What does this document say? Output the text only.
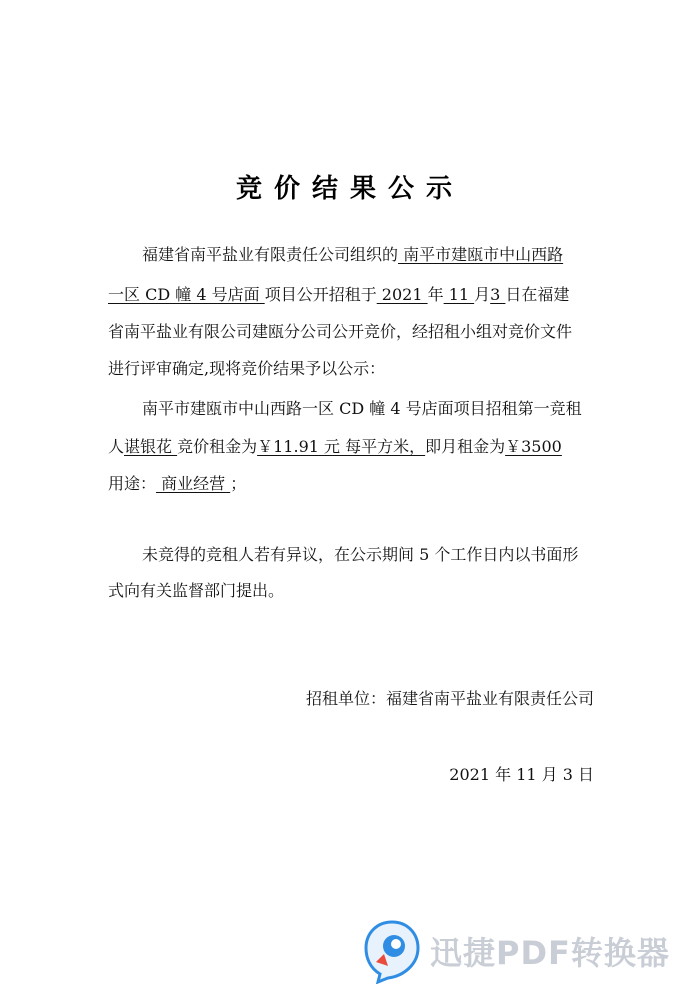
竞价结果公示
福建省南平盐业有限责任公司组织的 南平市建瓯市中山西路
一区 CD 幢 4 号店面 项目公开招租于 2021 年 11 月3 日在福建
省南平盐业有限公司建瓯分公司公开竞价，经招租小组对竞价文件
进行评审确定,现将竞价结果予以公示：
南平市建瓯市中山西路一区 CD 幢 4 号店面项目招租第一竞租
人谌银花 竞价租金为￥11.91 元 每平方米，即月租金为￥3500
用途： 商业经营 ；
未竞得的竞租人若有异议，在公示期间 5 个工作日内以书面形
式向有关监督部门提出。
招租单位：福建省南平盐业有限责任公司
2021 年 11 月 3 日
迅捷PDF转换器
